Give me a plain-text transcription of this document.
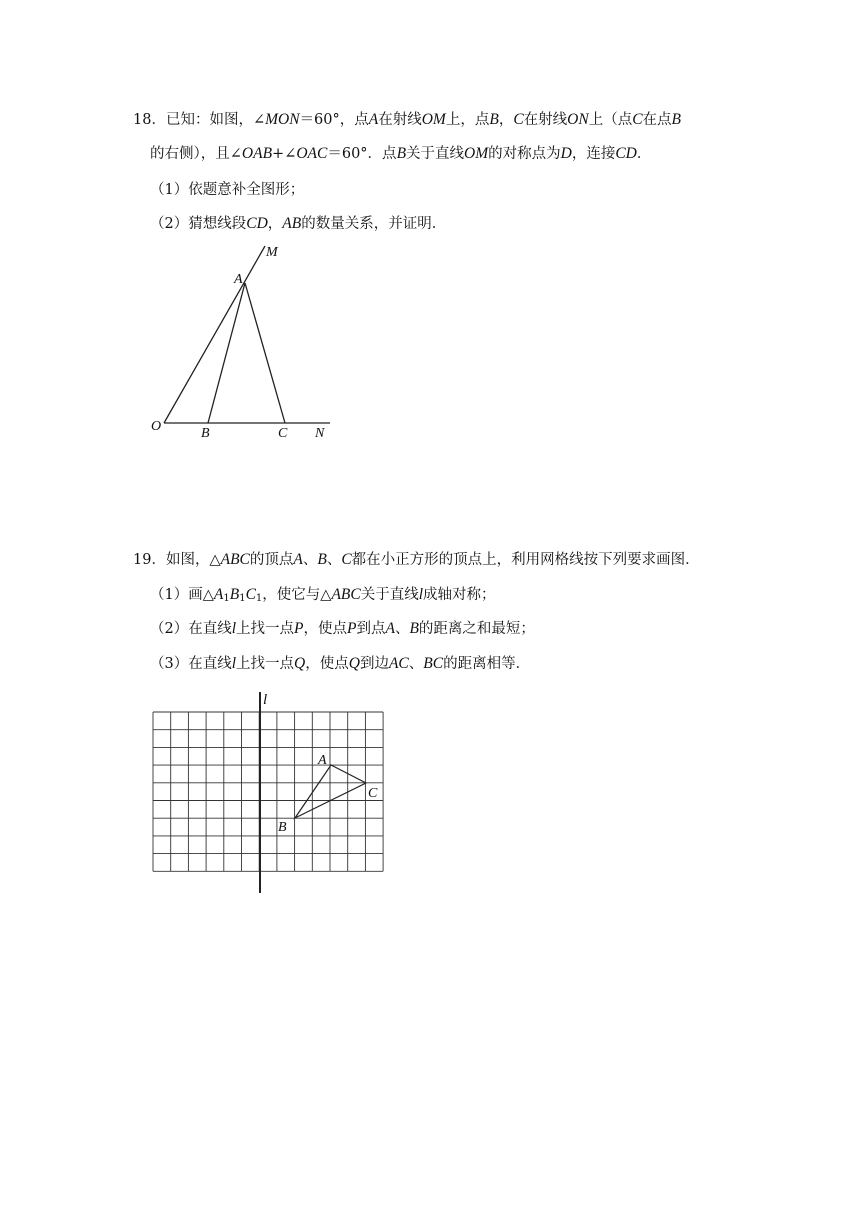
18．已知：如图，∠MON＝60°，点A在射线OM上，点B，C在射线ON上（点C在点B

的右侧），且∠OAB+∠OAC＝60°．点B关于直线OM的对称点为D，连接CD．

（1）依题意补全图形；

（2）猜想线段CD，AB的数量关系，并证明．

M
A
O	B	C N

19．如图，△ABC的顶点A、B、C都在小正方形的顶点上，利用网格线按下列要求画图．

（1）画$\triangle A_1B_1C_1$，使它与△ABC关于直线l成轴对称；

（2）在直线l上找一点P，使点P到点A、B的距离之和最短；

（3）在直线l上找一点Q，使点Q到边AC、BC的距离相等．

l
A
C
B
